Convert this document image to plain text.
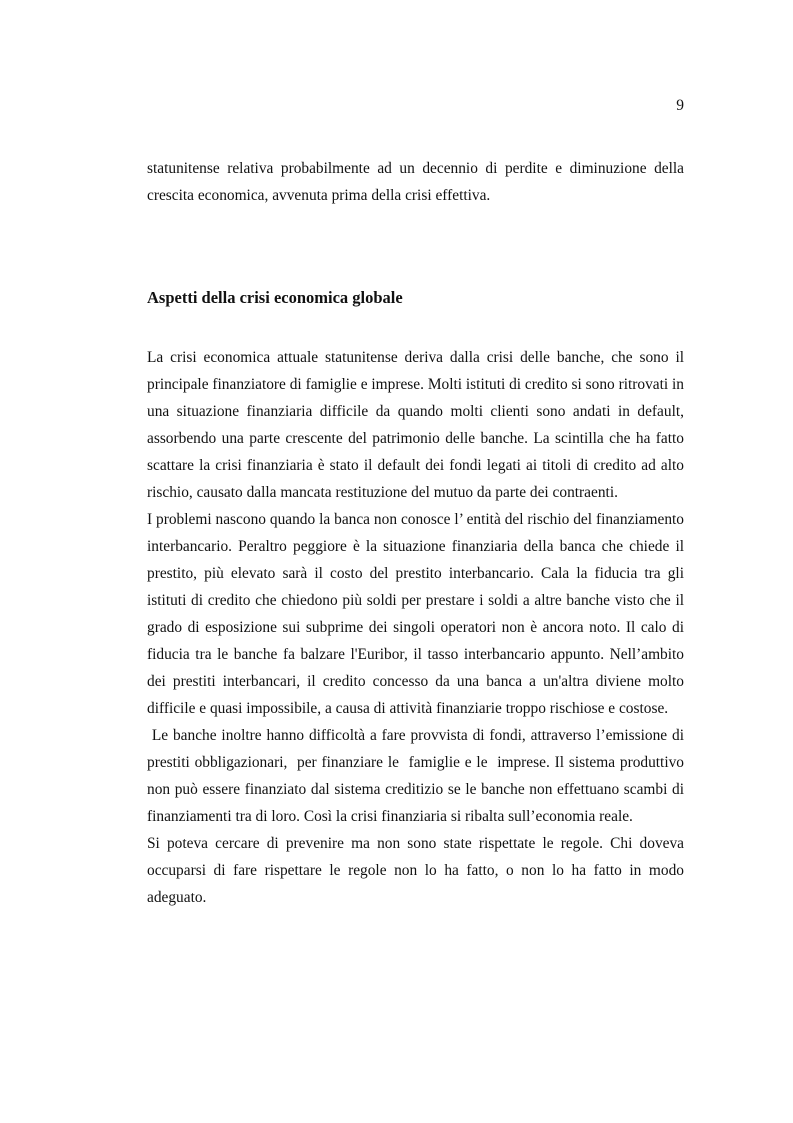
9

statunitense relativa probabilmente ad un decennio di perdite e diminuzione della crescita economica, avvenuta prima della crisi effettiva.

Aspetti della crisi economica globale

La crisi economica attuale statunitense deriva dalla crisi delle banche, che sono il principale finanziatore di famiglie e imprese. Molti istituti di credito si sono ritrovati in una situazione finanziaria difficile da quando molti clienti sono andati in default, assorbendo una parte crescente del patrimonio delle banche. La scintilla che ha fatto scattare la crisi finanziaria è stato il default dei fondi legati ai titoli di credito ad alto rischio, causato dalla mancata restituzione del mutuo da parte dei contraenti.

I problemi nascono quando la banca non conosce l’ entità del rischio del finanziamento interbancario. Peraltro peggiore è la situazione finanziaria della banca che chiede il prestito, più elevato sarà il costo del prestito interbancario. Cala la fiducia tra gli istituti di credito che chiedono più soldi per prestare i soldi a altre banche visto che il grado di esposizione sui subprime dei singoli operatori non è ancora noto. Il calo di fiducia tra le banche fa balzare l'Euribor, il tasso interbancario appunto. Nell’ambito dei prestiti interbancari, il credito concesso da una banca a un'altra diviene molto difficile e quasi impossibile, a causa di attività finanziarie troppo rischiose e costose.

Le banche inoltre hanno difficoltà a fare provvista di fondi, attraverso l’emissione di prestiti obbligazionari,  per finanziare le  famiglie e le  imprese. Il sistema produttivo non può essere finanziato dal sistema creditizio se le banche non effettuano scambi di finanziamenti tra di loro. Così la crisi finanziaria si ribalta sull’economia reale.

Si poteva cercare di prevenire ma non sono state rispettate le regole. Chi doveva occuparsi di fare rispettare le regole non lo ha fatto, o non lo ha fatto in modo adeguato.
